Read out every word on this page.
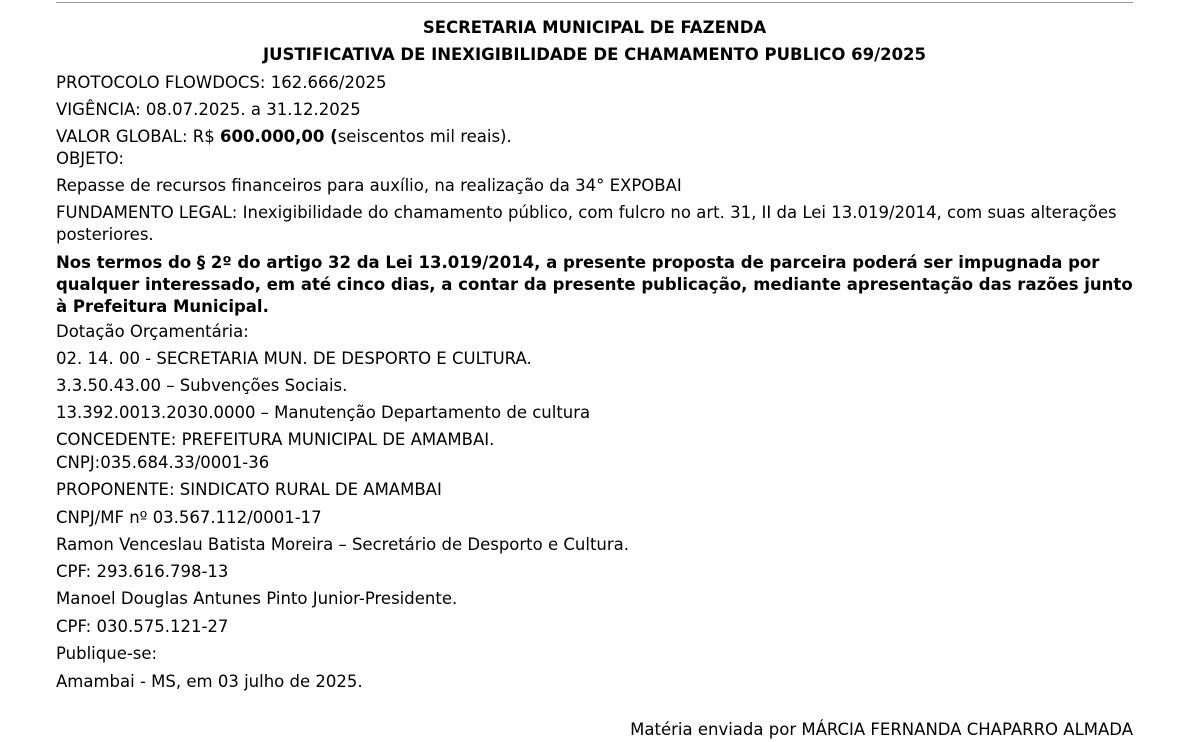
SECRETARIA MUNICIPAL DE FAZENDA
JUSTIFICATIVA DE INEXIGIBILIDADE DE CHAMAMENTO PUBLICO 69/2025
PROTOCOLO FLOWDOCS: 162.666/2025
VIGÊNCIA: 08.07.2025. a 31.12.2025
VALOR GLOBAL: R$ 600.000,00 (seiscentos mil reais).
OBJETO:
Repasse de recursos financeiros para auxílio, na realização da 34° EXPOBAI
FUNDAMENTO LEGAL: Inexigibilidade do chamamento público, com fulcro no art. 31, II da Lei 13.019/2014, com suas alterações posteriores.
Nos termos do § 2º do artigo 32 da Lei 13.019/2014, a presente proposta de parceira poderá ser impugnada por qualquer interessado, em até cinco dias, a contar da presente publicação, mediante apresentação das razões junto à Prefeitura Municipal.
Dotação Orçamentária:
02. 14. 00 - SECRETARIA MUN. DE DESPORTO E CULTURA.
3.3.50.43.00 – Subvenções Sociais.
13.392.0013.2030.0000 – Manutenção Departamento de cultura
CONCEDENTE: PREFEITURA MUNICIPAL DE AMAMBAI.
CNPJ:035.684.33/0001-36
PROPONENTE: SINDICATO RURAL DE AMAMBAI
CNPJ/MF nº 03.567.112/0001-17
Ramon Venceslau Batista Moreira – Secretário de Desporto e Cultura.
CPF: 293.616.798-13
Manoel Douglas Antunes Pinto Junior-Presidente.
CPF: 030.575.121-27
Publique-se:
Amambai - MS, em 03 julho de 2025.
Matéria enviada por MÁRCIA FERNANDA CHAPARRO ALMADA
